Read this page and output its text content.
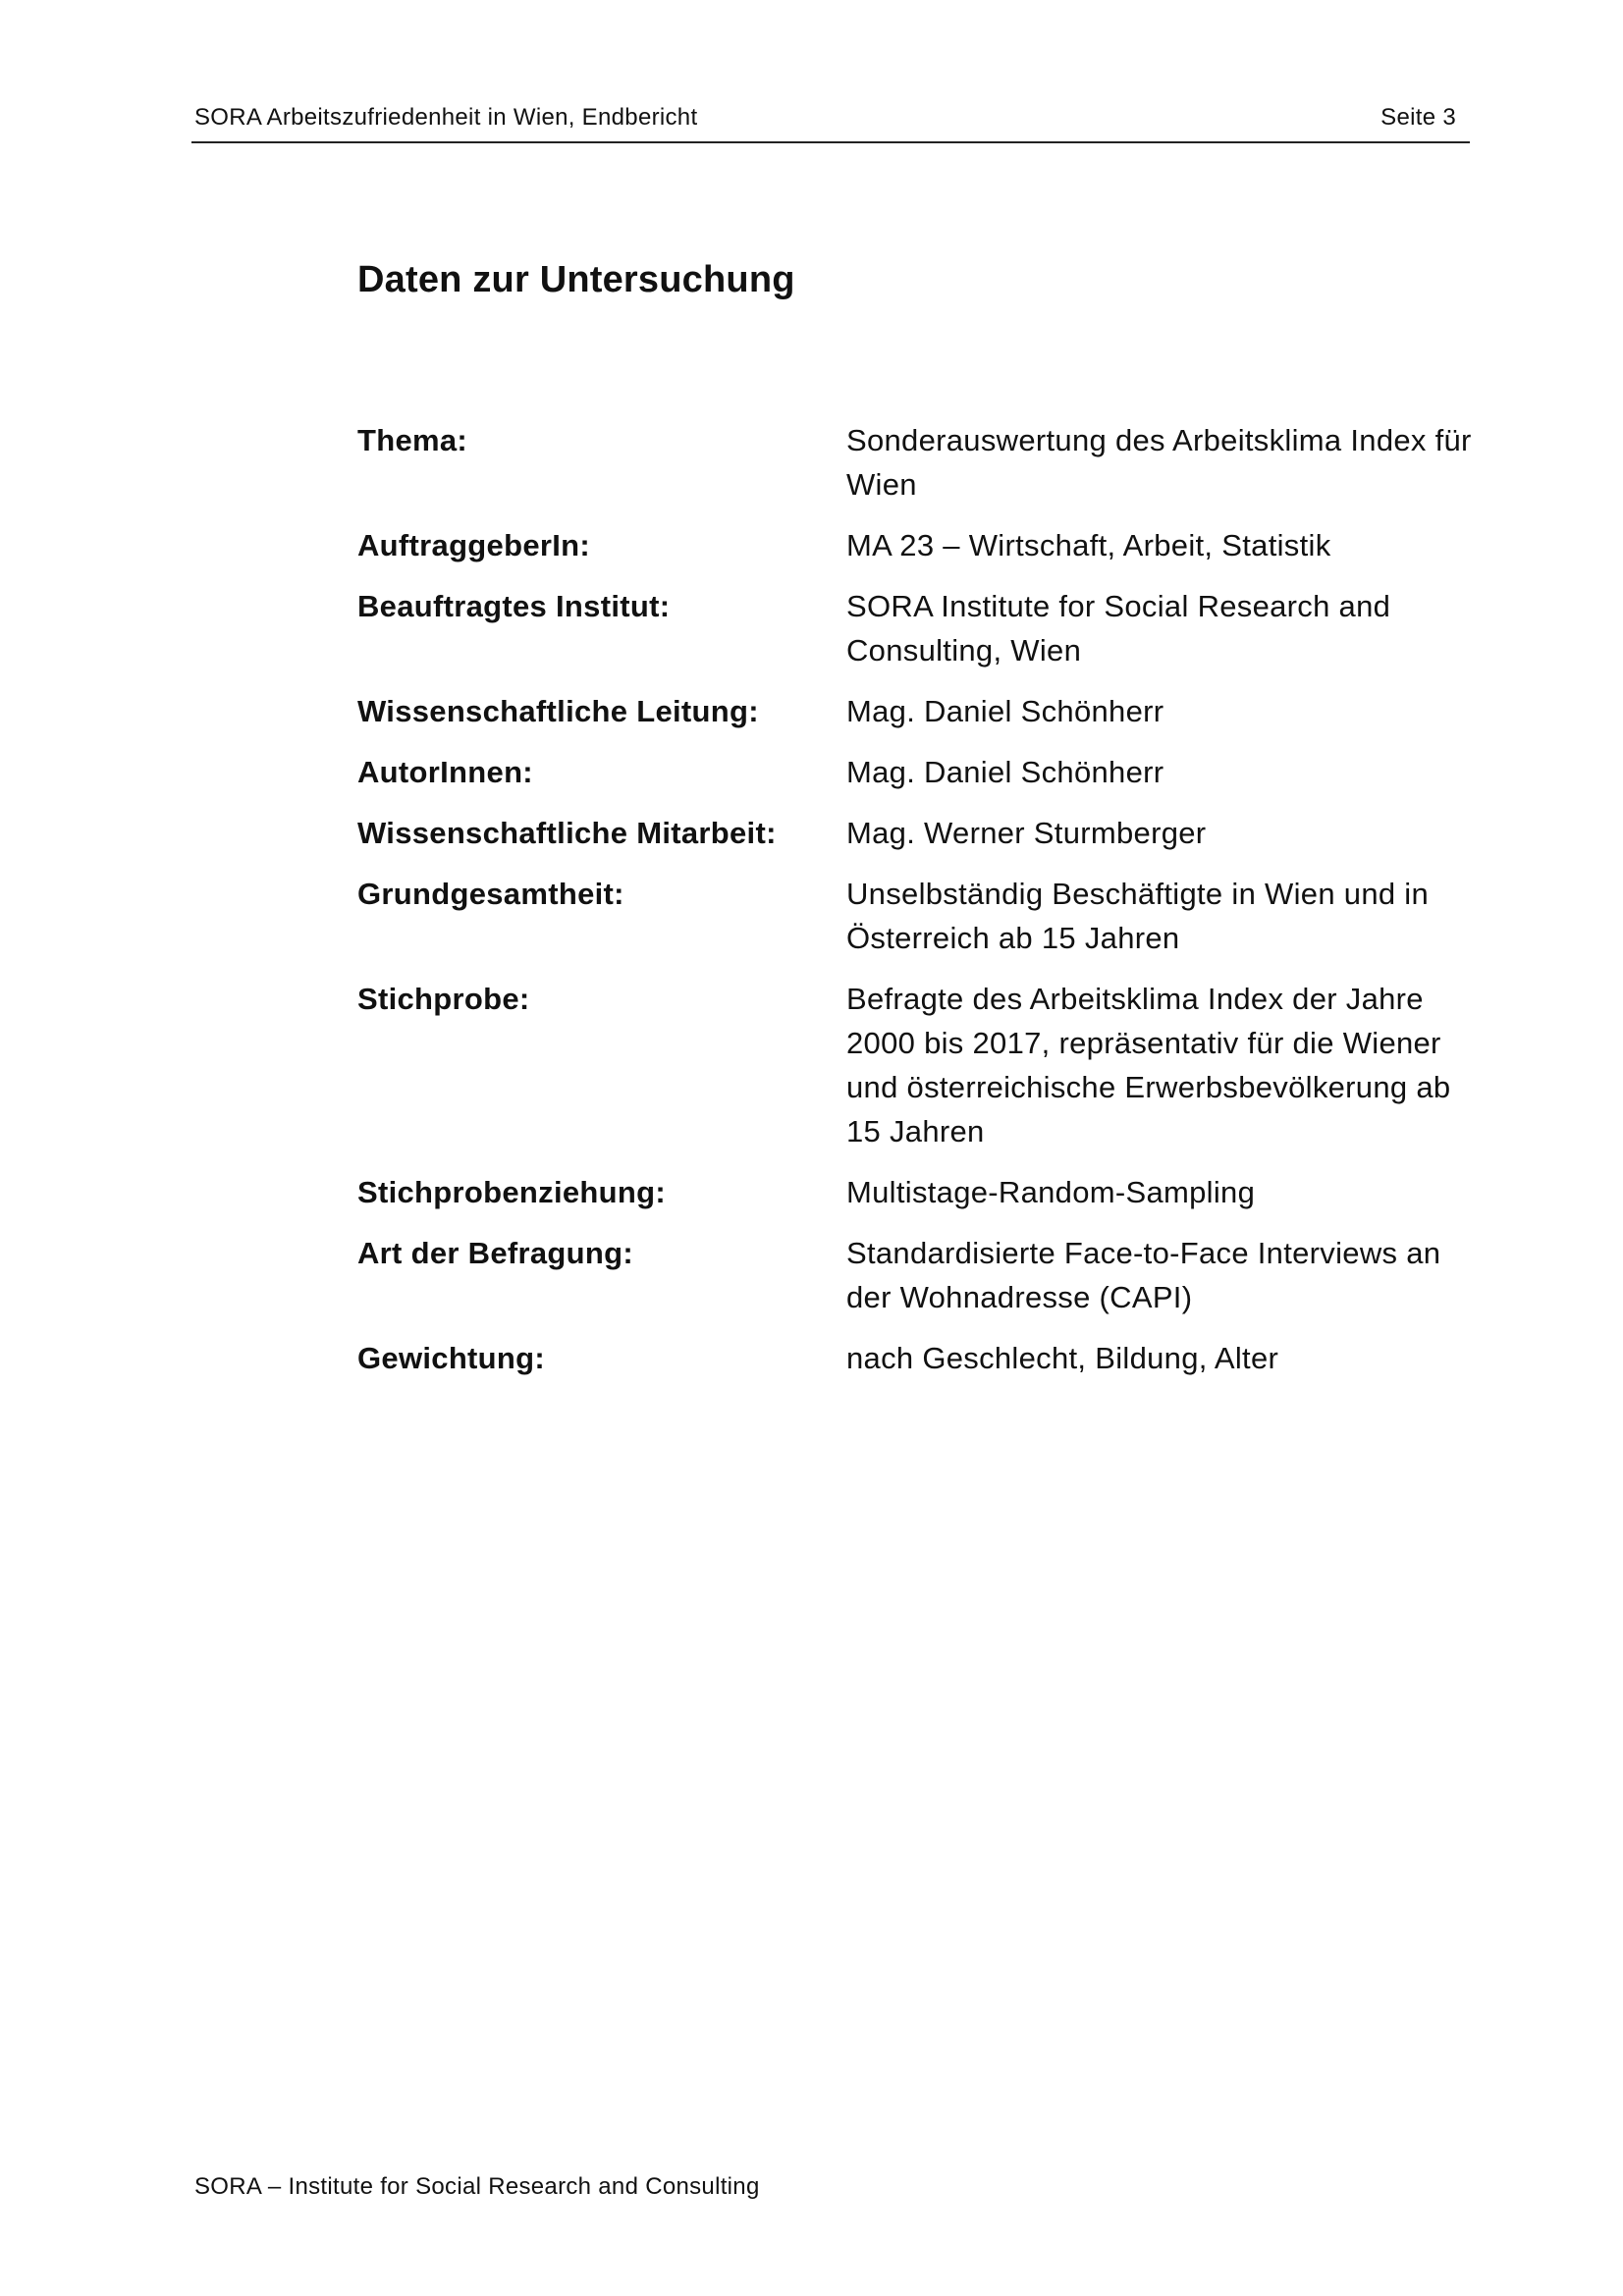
SORA Arbeitszufriedenheit in Wien, Endbericht	Seite 3
Daten zur Untersuchung
Thema:	Sonderauswertung des Arbeitsklima Index für Wien
AuftraggeberIn:	MA 23 – Wirtschaft, Arbeit, Statistik
Beauftragtes Institut:	SORA Institute for Social Research and Consulting, Wien
Wissenschaftliche Leitung:	Mag. Daniel Schönherr
AutorInnen:	Mag. Daniel Schönherr
Wissenschaftliche Mitarbeit:	Mag. Werner Sturmberger
Grundgesamtheit:	Unselbständig Beschäftigte in Wien und in Österreich ab 15 Jahren
Stichprobe:	Befragte des Arbeitsklima Index der Jahre 2000 bis 2017, repräsentativ für die Wiener und österreichische Erwerbsbevölkerung ab 15 Jahren
Stichprobenziehung:	Multistage-Random-Sampling
Art der Befragung:	Standardisierte Face-to-Face Interviews an der Wohnadresse (CAPI)
Gewichtung:	nach Geschlecht, Bildung, Alter
SORA – Institute for Social Research and Consulting
